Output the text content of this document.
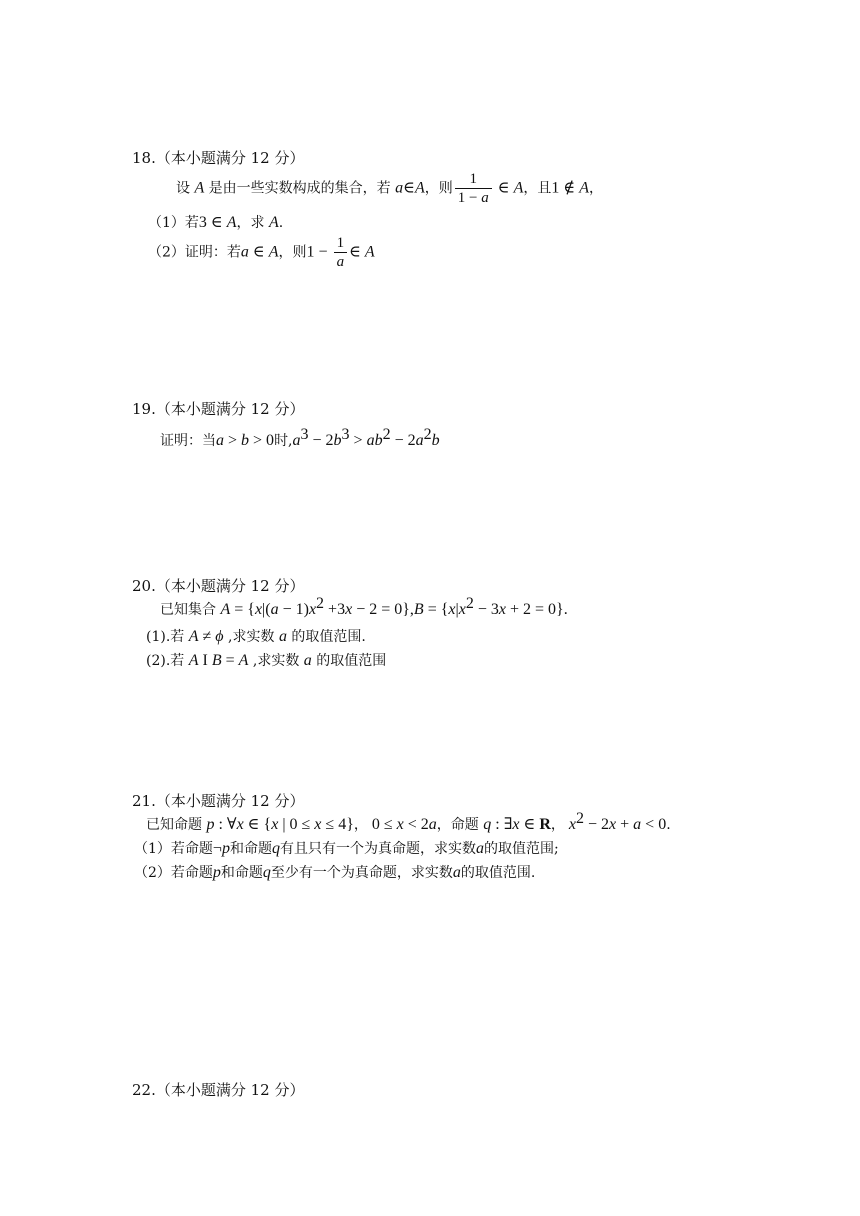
18.（本小题满分 12 分）
设 A 是由一些实数构成的集合，若 a∈A，则 $\frac{1}{1 - a}$ ∈ A，且1 ∉ A，
（1）若3 ∈ A，求 A.
（2）证明：若a ∈ A，则$1 - \frac{1}{a}$ ∈ A
19.（本小题满分 12 分）
证明：当a > b > 0时$,a^3 - 2b^3 > ab^2 - 2a^2b$
20.（本小题满分 12 分）
已知集合 $A = \{x|(a - 1)x^2 +3x - 2 = 0\},B = \{x|x^2 - 3x + 2 = 0\}$.
(1).若 A ≠ ϕ ,求实数 a 的取值范围.
(2).若 A I B = A ,求实数 a 的取值范围
21.（本小题满分 12 分）
已知命题 p : ∀x ∈ {x | 0 ≤ x ≤ 4}， 0 ≤ x < 2a，命题 q : ∃x ∈ R， $x^2 - 2x + a < 0$.
（1）若命题¬p和命题q有且只有一个为真命题，求实数a的取值范围;
（2）若命题p和命题q至少有一个为真命题，求实数a的取值范围.
22.（本小题满分 12 分）
